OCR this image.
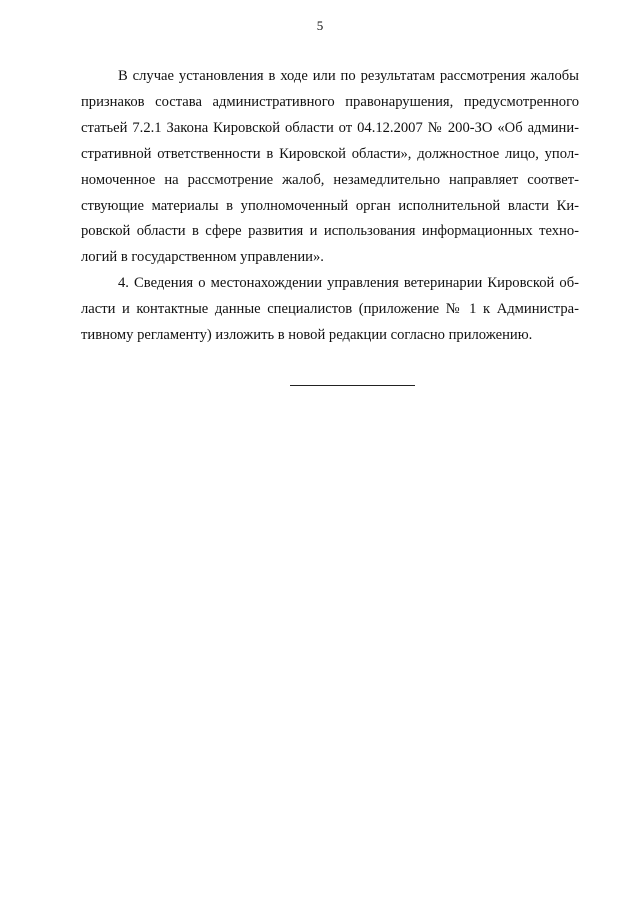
5

В случае установления в ходе или по результатам рассмотрения жалобы
признаков состава административного правонарушения, предусмотренного
статьей 7.2.1 Закона Кировской области от 04.12.2007 № 200-ЗО «Об админи-
стративной ответственности в Кировской области», должностное лицо, упол-
номоченное на рассмотрение жалоб, незамедлительно направляет соответ-
ствующие материалы в уполномоченный орган исполнительной власти Ки-
ровской области в сфере развития и использования информационных техно-
логий в государственном управлении».

4. Сведения о местонахождении управления ветеринарии Кировской об-
ласти и контактные данные специалистов (приложение № 1 к Администра-
тивному регламенту) изложить в новой редакции согласно приложению.
